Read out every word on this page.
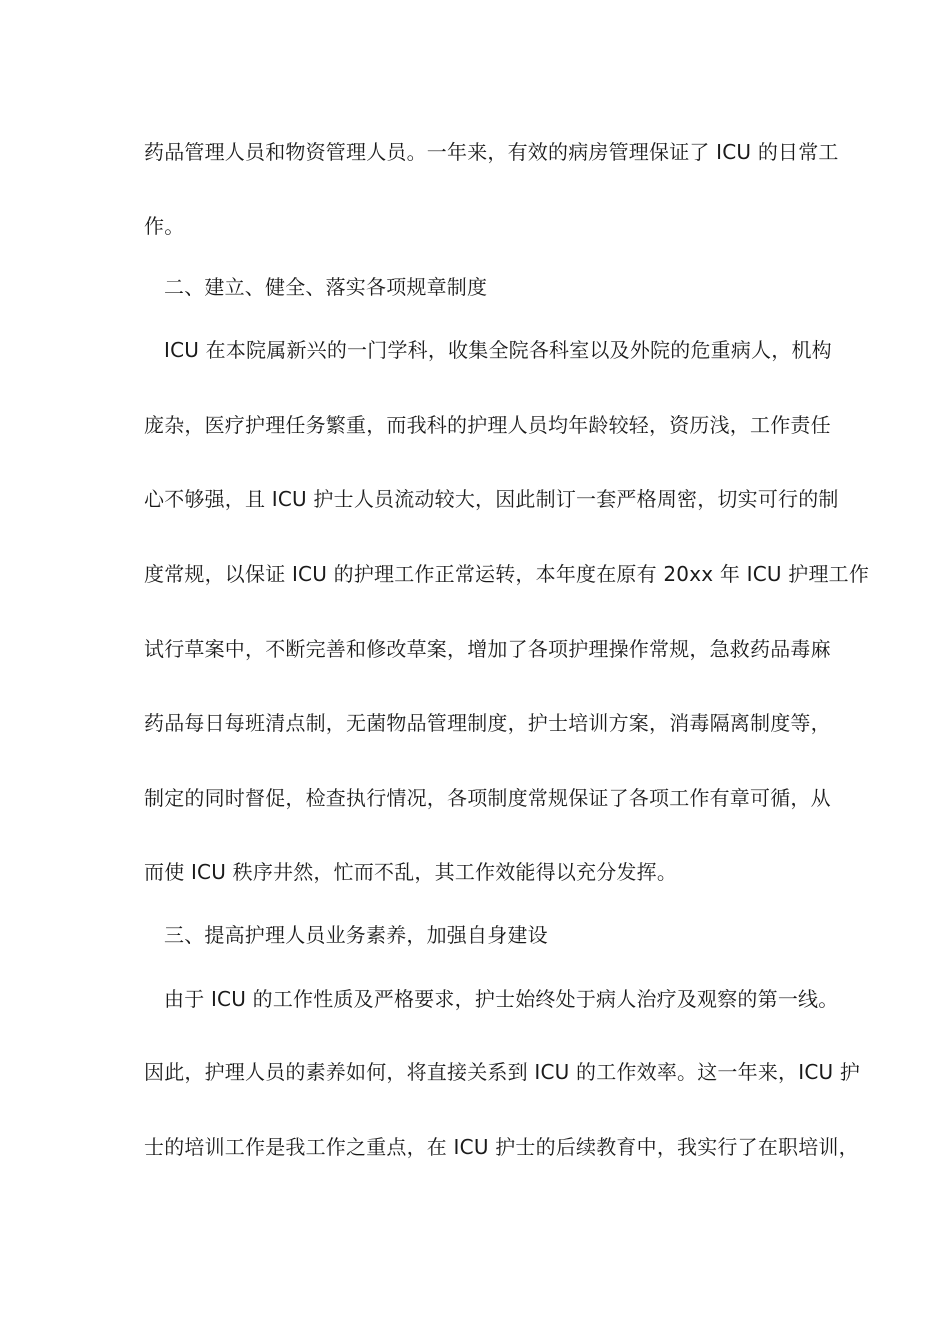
药品管理人员和物资管理人员。一年来，有效的病房管理保证了 ICU 的日常工
作。
二、建立、健全、落实各项规章制度
ICU 在本院属新兴的一门学科，收集全院各科室以及外院的危重病人，机构
庞杂，医疗护理任务繁重，而我科的护理人员均年龄较轻，资历浅，工作责任
心不够强，且 ICU 护士人员流动较大，因此制订一套严格周密，切实可行的制
度常规，以保证 ICU 的护理工作正常运转，本年度在原有 20xx 年 ICU 护理工作
试行草案中，不断完善和修改草案，增加了各项护理操作常规，急救药品毒麻
药品每日每班清点制，无菌物品管理制度，护士培训方案，消毒隔离制度等，
制定的同时督促，检查执行情况，各项制度常规保证了各项工作有章可循，从
而使 ICU 秩序井然，忙而不乱，其工作效能得以充分发挥。
三、提高护理人员业务素养，加强自身建设
由于 ICU 的工作性质及严格要求，护士始终处于病人治疗及观察的第一线。
因此，护理人员的素养如何，将直接关系到 ICU 的工作效率。这一年来，ICU 护
士的培训工作是我工作之重点，在 ICU 护士的后续教育中，我实行了在职培训，
